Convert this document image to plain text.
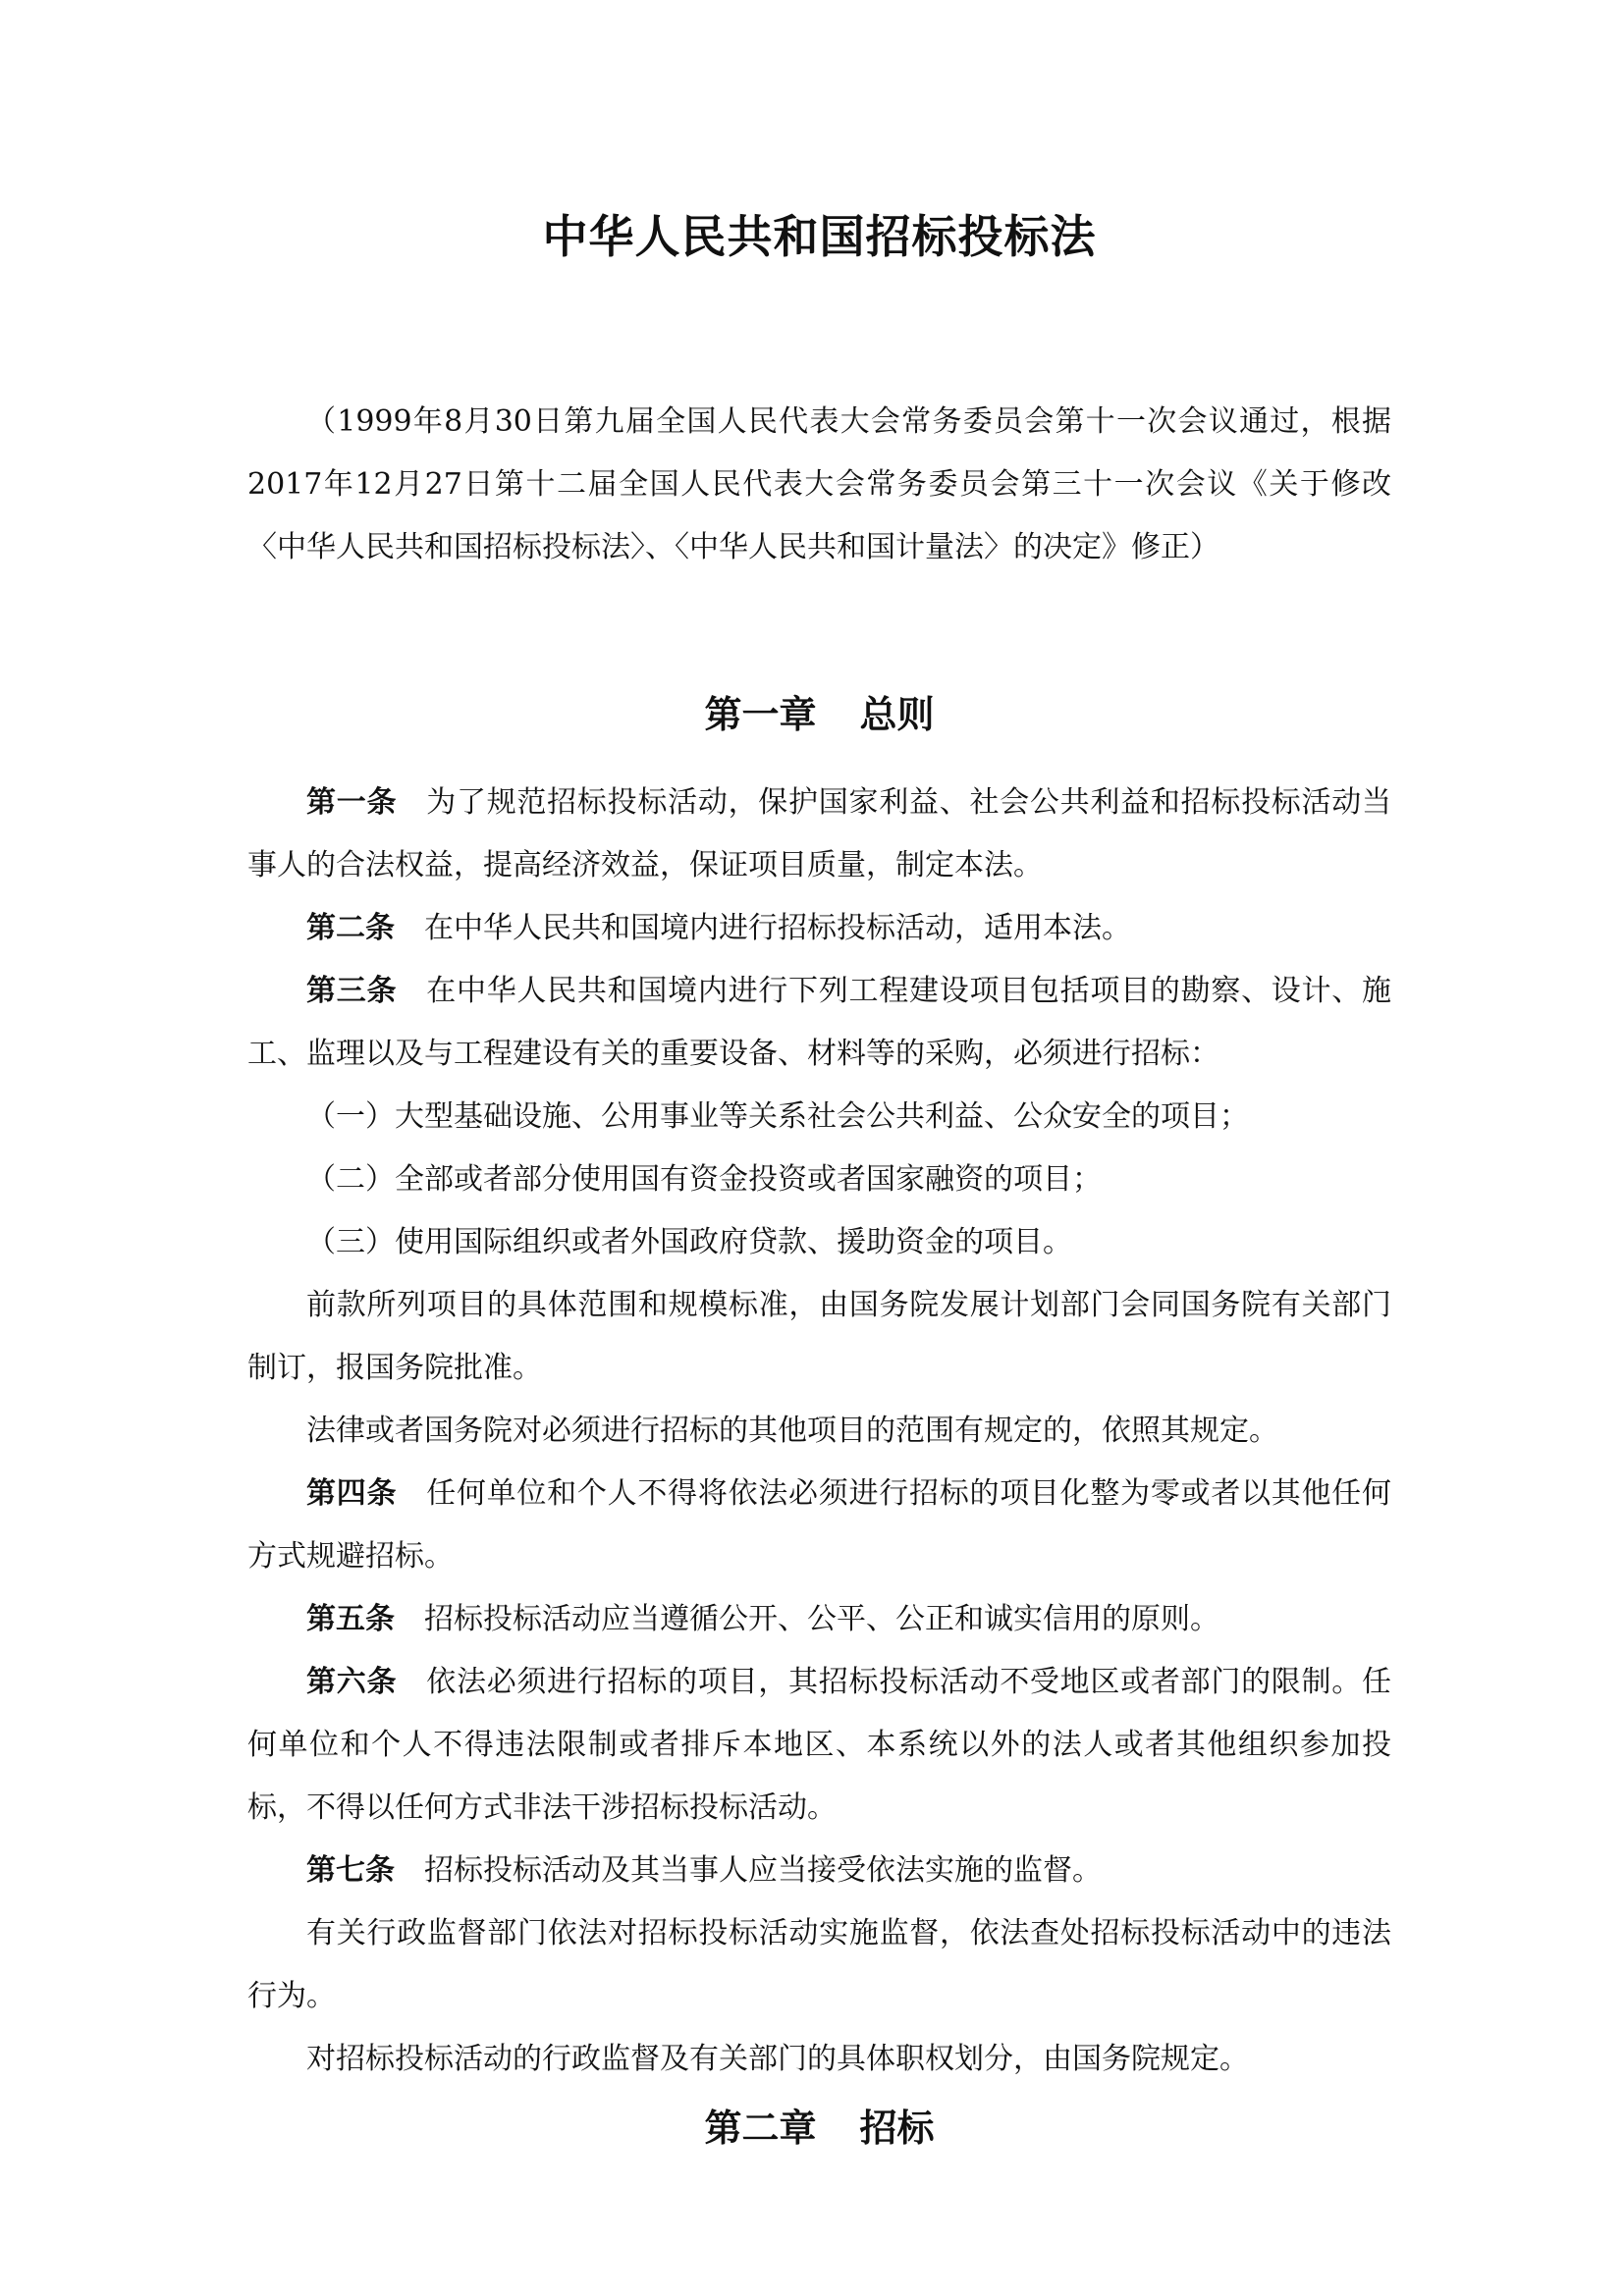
中华人民共和国招标投标法

（1999年8月30日第九届全国人民代表大会常务委员会第十一次会议通过，根据2017年12月27日第十二届全国人民代表大会常务委员会第三十一次会议《关于修改〈中华人民共和国招标投标法〉、〈中华人民共和国计量法〉的决定》修正）

第一章 总则

第一条 为了规范招标投标活动，保护国家利益、社会公共利益和招标投标活动当事人的合法权益，提高经济效益，保证项目质量，制定本法。

第二条 在中华人民共和国境内进行招标投标活动，适用本法。

第三条 在中华人民共和国境内进行下列工程建设项目包括项目的勘察、设计、施工、监理以及与工程建设有关的重要设备、材料等的采购，必须进行招标：

（一）大型基础设施、公用事业等关系社会公共利益、公众安全的项目；

（二）全部或者部分使用国有资金投资或者国家融资的项目；

（三）使用国际组织或者外国政府贷款、援助资金的项目。

前款所列项目的具体范围和规模标准，由国务院发展计划部门会同国务院有关部门制订，报国务院批准。

法律或者国务院对必须进行招标的其他项目的范围有规定的，依照其规定。

第四条 任何单位和个人不得将依法必须进行招标的项目化整为零或者以其他任何方式规避招标。

第五条 招标投标活动应当遵循公开、公平、公正和诚实信用的原则。

第六条 依法必须进行招标的项目，其招标投标活动不受地区或者部门的限制。任何单位和个人不得违法限制或者排斥本地区、本系统以外的法人或者其他组织参加投标，不得以任何方式非法干涉招标投标活动。

第七条 招标投标活动及其当事人应当接受依法实施的监督。

有关行政监督部门依法对招标投标活动实施监督，依法查处招标投标活动中的违法行为。

对招标投标活动的行政监督及有关部门的具体职权划分，由国务院规定。

第二章 招标
